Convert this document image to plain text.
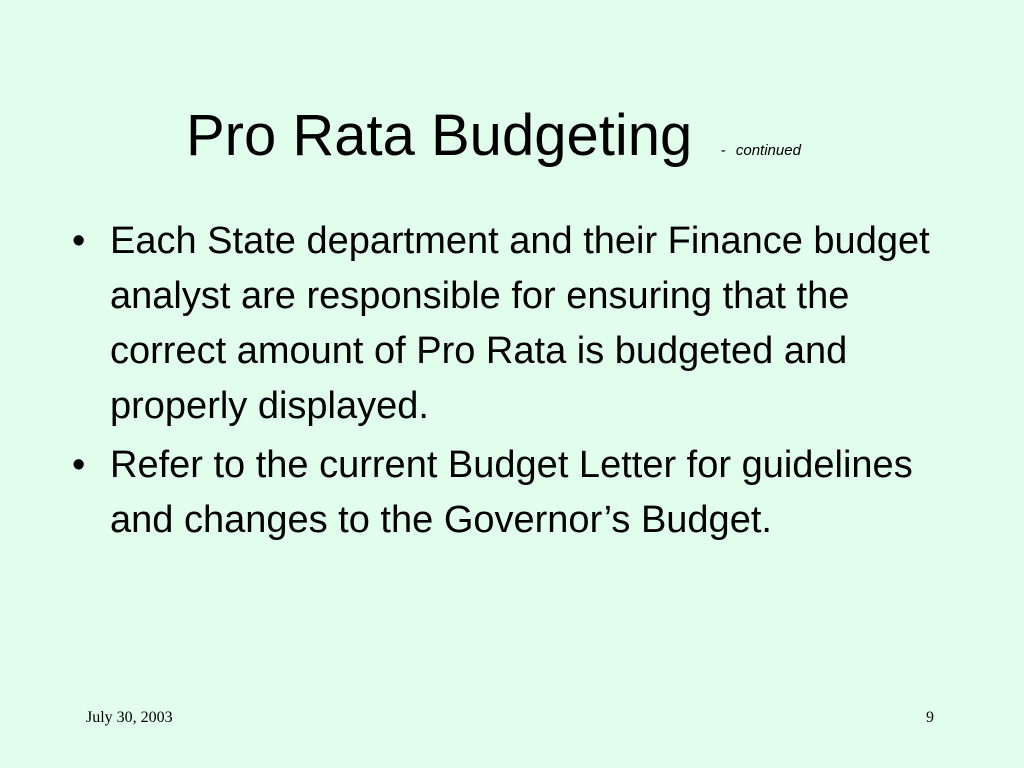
Pro Rata Budgeting - continued
• Each State department and their Finance budget analyst are responsible for ensuring that the correct amount of Pro Rata is budgeted and properly displayed.
• Refer to the current Budget Letter for guidelines and changes to the Governor’s Budget.
July 30, 2003	9
